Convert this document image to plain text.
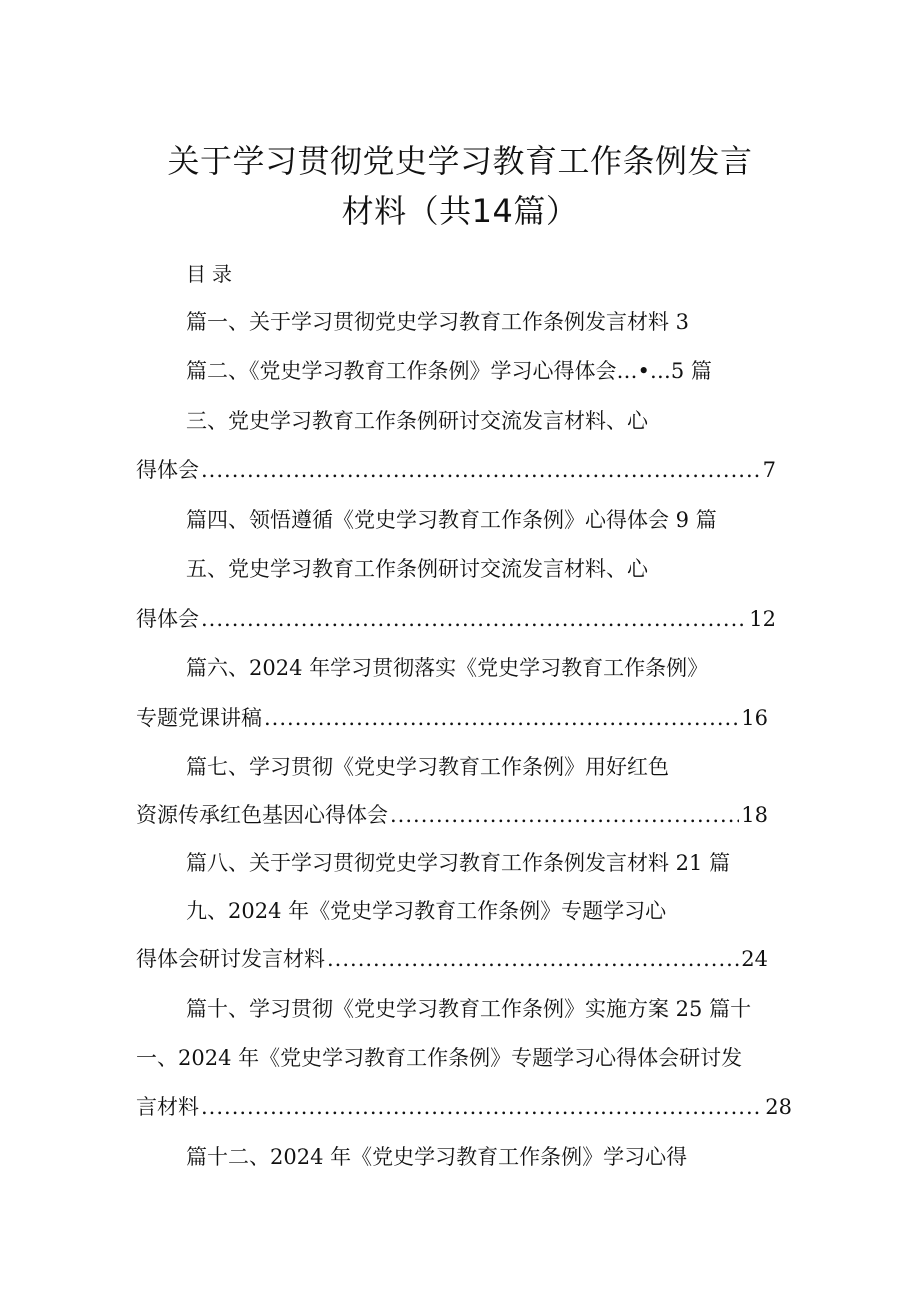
关于学习贯彻党史学习教育工作条例发言
材料（共14篇）
目录
篇一、关于学习贯彻党史学习教育工作条例发言材料 3
篇二、《党史学习教育工作条例》学习心得体会…•…5 篇
三、党史学习教育工作条例研讨交流发言材料、心
得体会 .....	7
篇四、领悟遵循《党史学习教育工作条例》心得体会 9 篇
五、党史学习教育工作条例研讨交流发言材料、心
得体会 .....	12
篇六、2024 年学习贯彻落实《党史学习教育工作条例》
专题党课讲稿 .....	16
篇七、学习贯彻《党史学习教育工作条例》用好红色
资源传承红色基因心得体会 .....	18
篇八、关于学习贯彻党史学习教育工作条例发言材料 21 篇
九、2024 年《党史学习教育工作条例》专题学习心
得体会研讨发言材料 .....	24
篇十、学习贯彻《党史学习教育工作条例》实施方案 25 篇十
一、2024 年《党史学习教育工作条例》专题学习心得体会研讨发
言材料 .....	28
篇十二、2024 年《党史学习教育工作条例》学习心得
